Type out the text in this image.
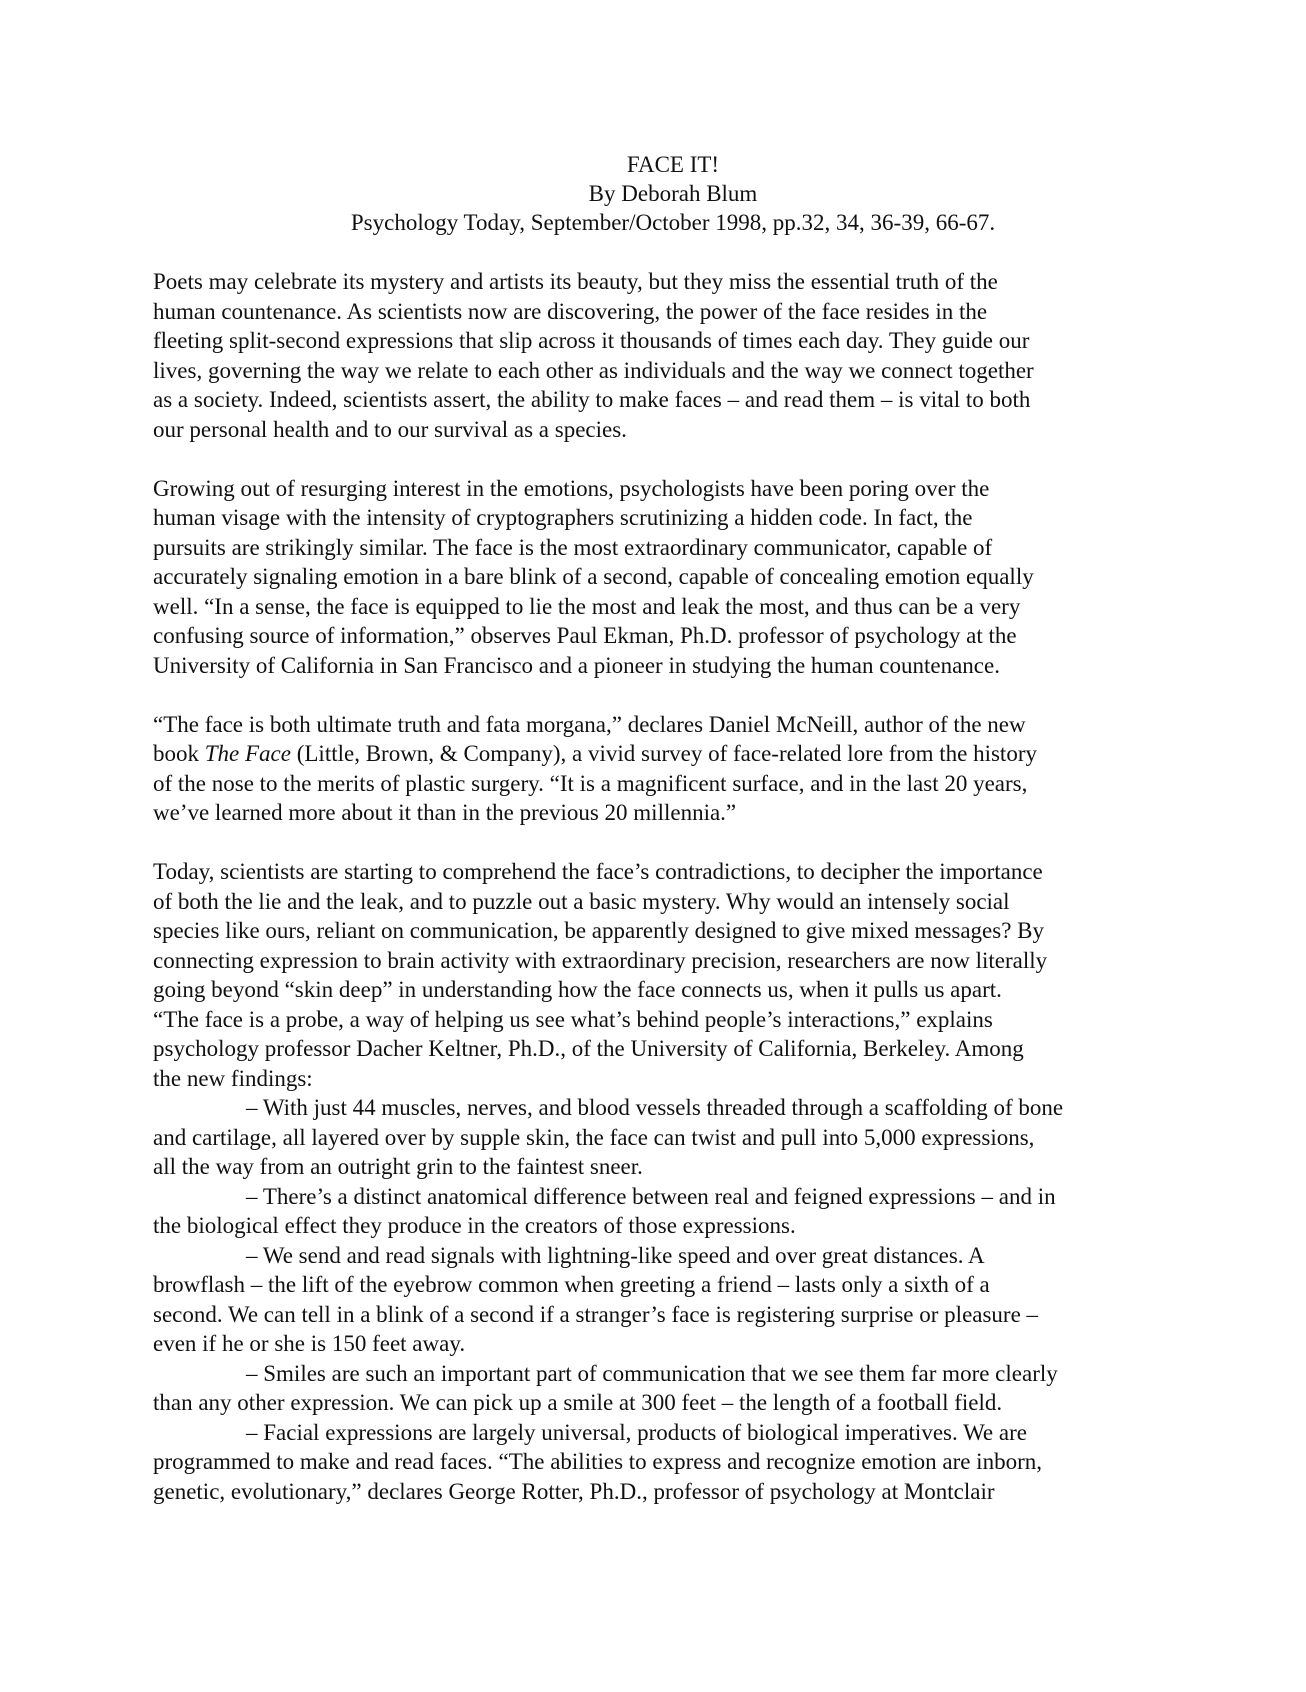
FACE IT!
By Deborah Blum
Psychology Today, September/October 1998, pp.32, 34, 36-39, 66-67.

Poets may celebrate its mystery and artists its beauty, but they miss the essential truth of the
human countenance. As scientists now are discovering, the power of the face resides in the
fleeting split-second expressions that slip across it thousands of times each day. They guide our
lives, governing the way we relate to each other as individuals and the way we connect together
as a society. Indeed, scientists assert, the ability to make faces – and read them – is vital to both
our personal health and to our survival as a species.

Growing out of resurging interest in the emotions, psychologists have been poring over the
human visage with the intensity of cryptographers scrutinizing a hidden code. In fact, the
pursuits are strikingly similar. The face is the most extraordinary communicator, capable of
accurately signaling emotion in a bare blink of a second, capable of concealing emotion equally
well. “In a sense, the face is equipped to lie the most and leak the most, and thus can be a very
confusing source of information,” observes Paul Ekman, Ph.D. professor of psychology at the
University of California in San Francisco and a pioneer in studying the human countenance.

“The face is both ultimate truth and fata morgana,” declares Daniel McNeill, author of the new
book The Face (Little, Brown, & Company), a vivid survey of face-related lore from the history
of the nose to the merits of plastic surgery. “It is a magnificent surface, and in the last 20 years,
we’ve learned more about it than in the previous 20 millennia.”

Today, scientists are starting to comprehend the face’s contradictions, to decipher the importance
of both the lie and the leak, and to puzzle out a basic mystery. Why would an intensely social
species like ours, reliant on communication, be apparently designed to give mixed messages? By
connecting expression to brain activity with extraordinary precision, researchers are now literally
going beyond “skin deep” in understanding how the face connects us, when it pulls us apart.
“The face is a probe, a way of helping us see what’s behind people’s interactions,” explains
psychology professor Dacher Keltner, Ph.D., of the University of California, Berkeley. Among
the new findings:

– With just 44 muscles, nerves, and blood vessels threaded through a scaffolding of bone
and cartilage, all layered over by supple skin, the face can twist and pull into 5,000 expressions,
all the way from an outright grin to the faintest sneer.

– There’s a distinct anatomical difference between real and feigned expressions – and in
the biological effect they produce in the creators of those expressions.

– We send and read signals with lightning-like speed and over great distances. A
browflash – the lift of the eyebrow common when greeting a friend – lasts only a sixth of a
second. We can tell in a blink of a second if a stranger’s face is registering surprise or pleasure –
even if he or she is 150 feet away.

– Smiles are such an important part of communication that we see them far more clearly
than any other expression. We can pick up a smile at 300 feet – the length of a football field.

– Facial expressions are largely universal, products of biological imperatives. We are
programmed to make and read faces. “The abilities to express and recognize emotion are inborn,
genetic, evolutionary,” declares George Rotter, Ph.D., professor of psychology at Montclair
